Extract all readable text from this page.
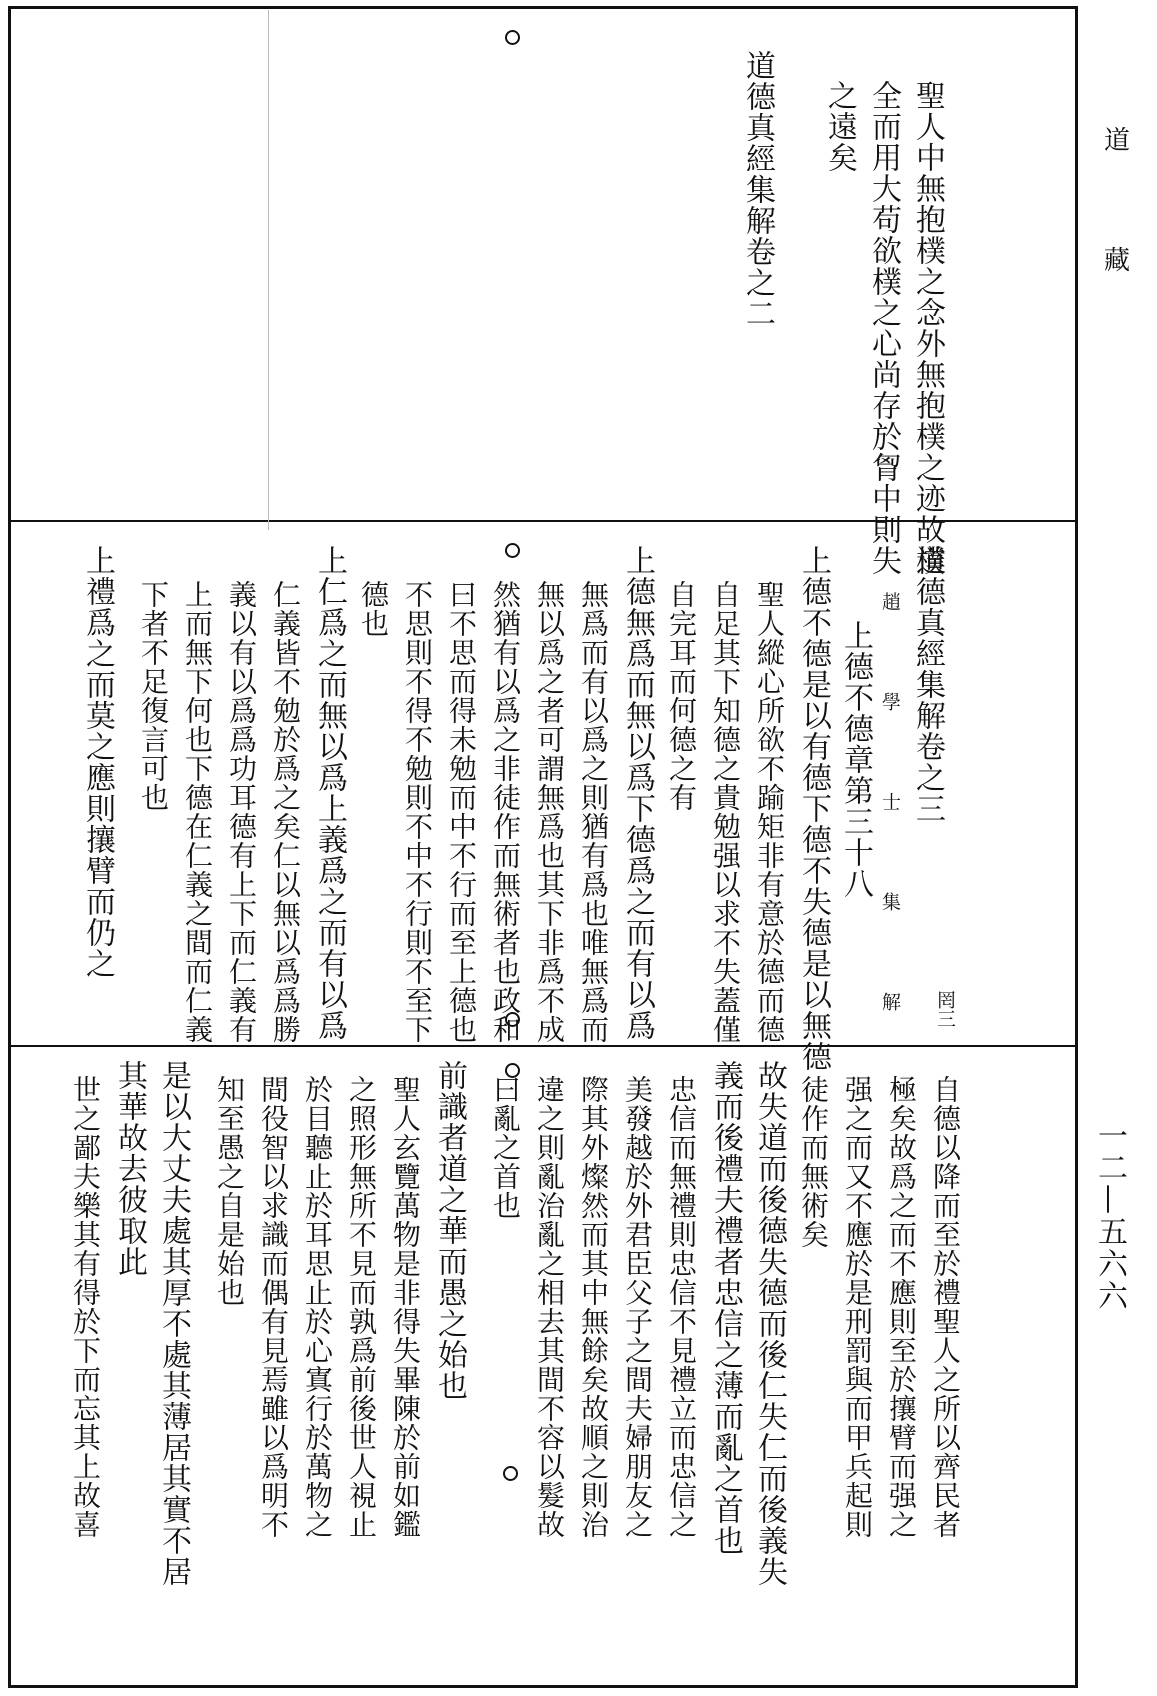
道
藏
一二—五六六
聖人中無抱樸之念外無抱樸之迹故樸
全而用大苟欲樸之心尚存於胷中則失
之遠矣
道德真經集解卷之二
道德真經集解卷之三
趙
學
士
集
解 罔三
上德不德章第三十八
上德不德是以有德下德不失德是以無德
聖人縱心所欲不踰矩非有意於德而德
自足其下知德之貴勉强以求不失蓋僅
自完耳而何德之有
上德無爲而無以爲下德爲之而有以爲
無爲而有以爲之則猶有爲也唯無爲而
無以爲之者可謂無爲也其下非爲不成
然猶有以爲之非徒作而無術者也政和
曰不思而得未勉而中不行而至上德也
不思則不得不勉則不中不行則不至下
德也
上仁爲之而無以爲上義爲之而有以爲
仁義皆不勉於爲之矣仁以無以爲爲勝
義以有以爲爲功耳德有上下而仁義有
上而無下何也下德在仁義之間而仁義
下者不足復言可也
上禮爲之而莫之應則攘臂而仍之
自德以降而至於禮聖人之所以齊民者
極矣故爲之而不應則至於攘臂而强之
强之而又不應於是刑罰與而甲兵起則
徒作而無術矣
故失道而後德失德而後仁失仁而後義失
義而後禮夫禮者忠信之薄而亂之首也
忠信而無禮則忠信不見禮立而忠信之
美發越於外君臣父子之間夫婦朋友之
際其外燦然而其中無餘矣故順之則治
違之則亂治亂之相去其間不容以髮故
曰亂之首也
前識者道之華而愚之始也
聖人玄覽萬物是非得失畢陳於前如鑑
之照形無所不見而孰爲前後世人視止
於目聽止於耳思止於心寘行於萬物之
間役智以求識而偶有見焉雖以爲明不
知至愚之自是始也
是以大丈夫處其厚不處其薄居其實不居
其華故去彼取此
世之鄙夫樂其有得於下而忘其上故喜
